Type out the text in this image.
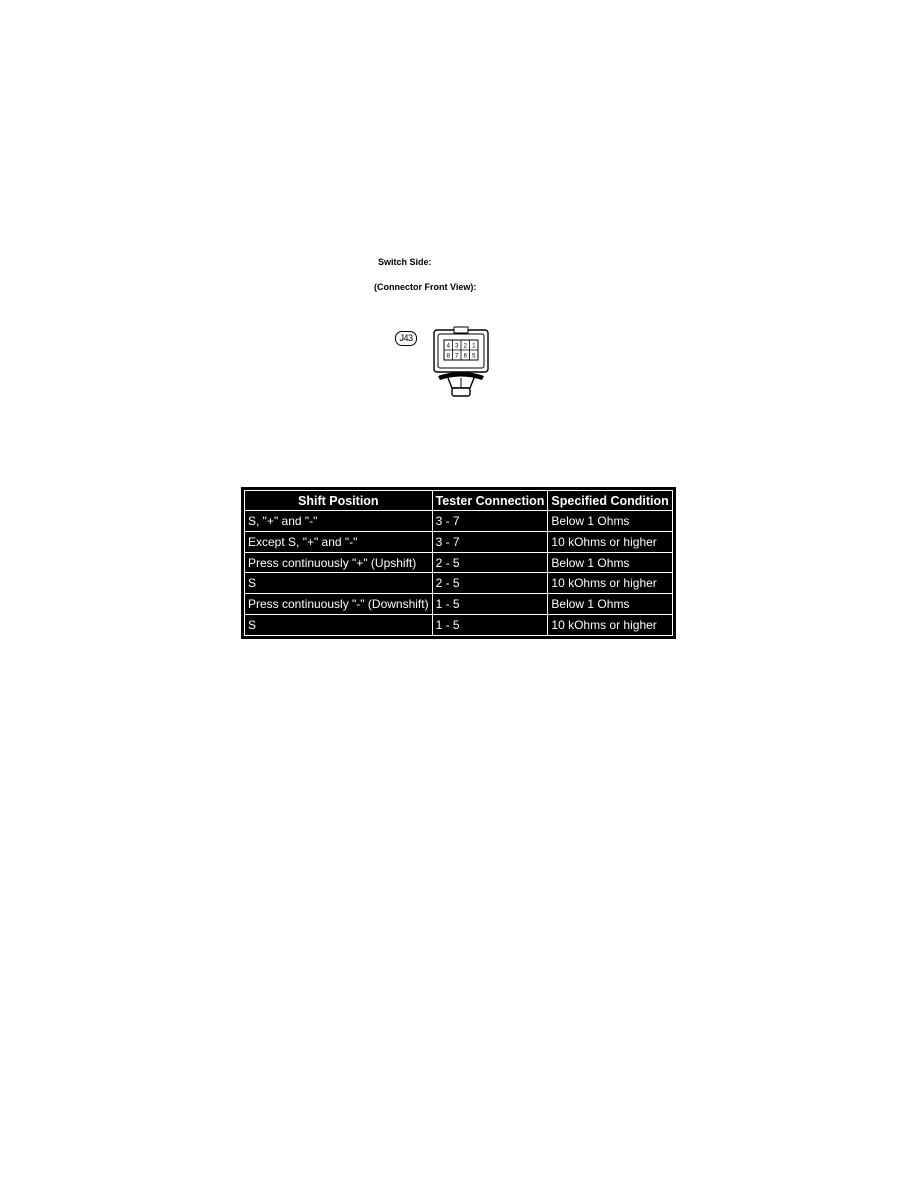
Switch Side:
(Connector Front View):
J43
4 3 2 1
8 7 6 5
Shift Position	Tester Connection	Specified Condition
S, "+" and "-"	3 - 7	Below 1 Ohms
Except S, "+" and "-"	3 - 7	10 kOhms or higher
Press continuously "+" (Upshift)	2 - 5	Below 1 Ohms
S	2 - 5	10 kOhms or higher
Press continuously "-" (Downshift)	1 - 5	Below 1 Ohms
S	1 - 5	10 kOhms or higher
